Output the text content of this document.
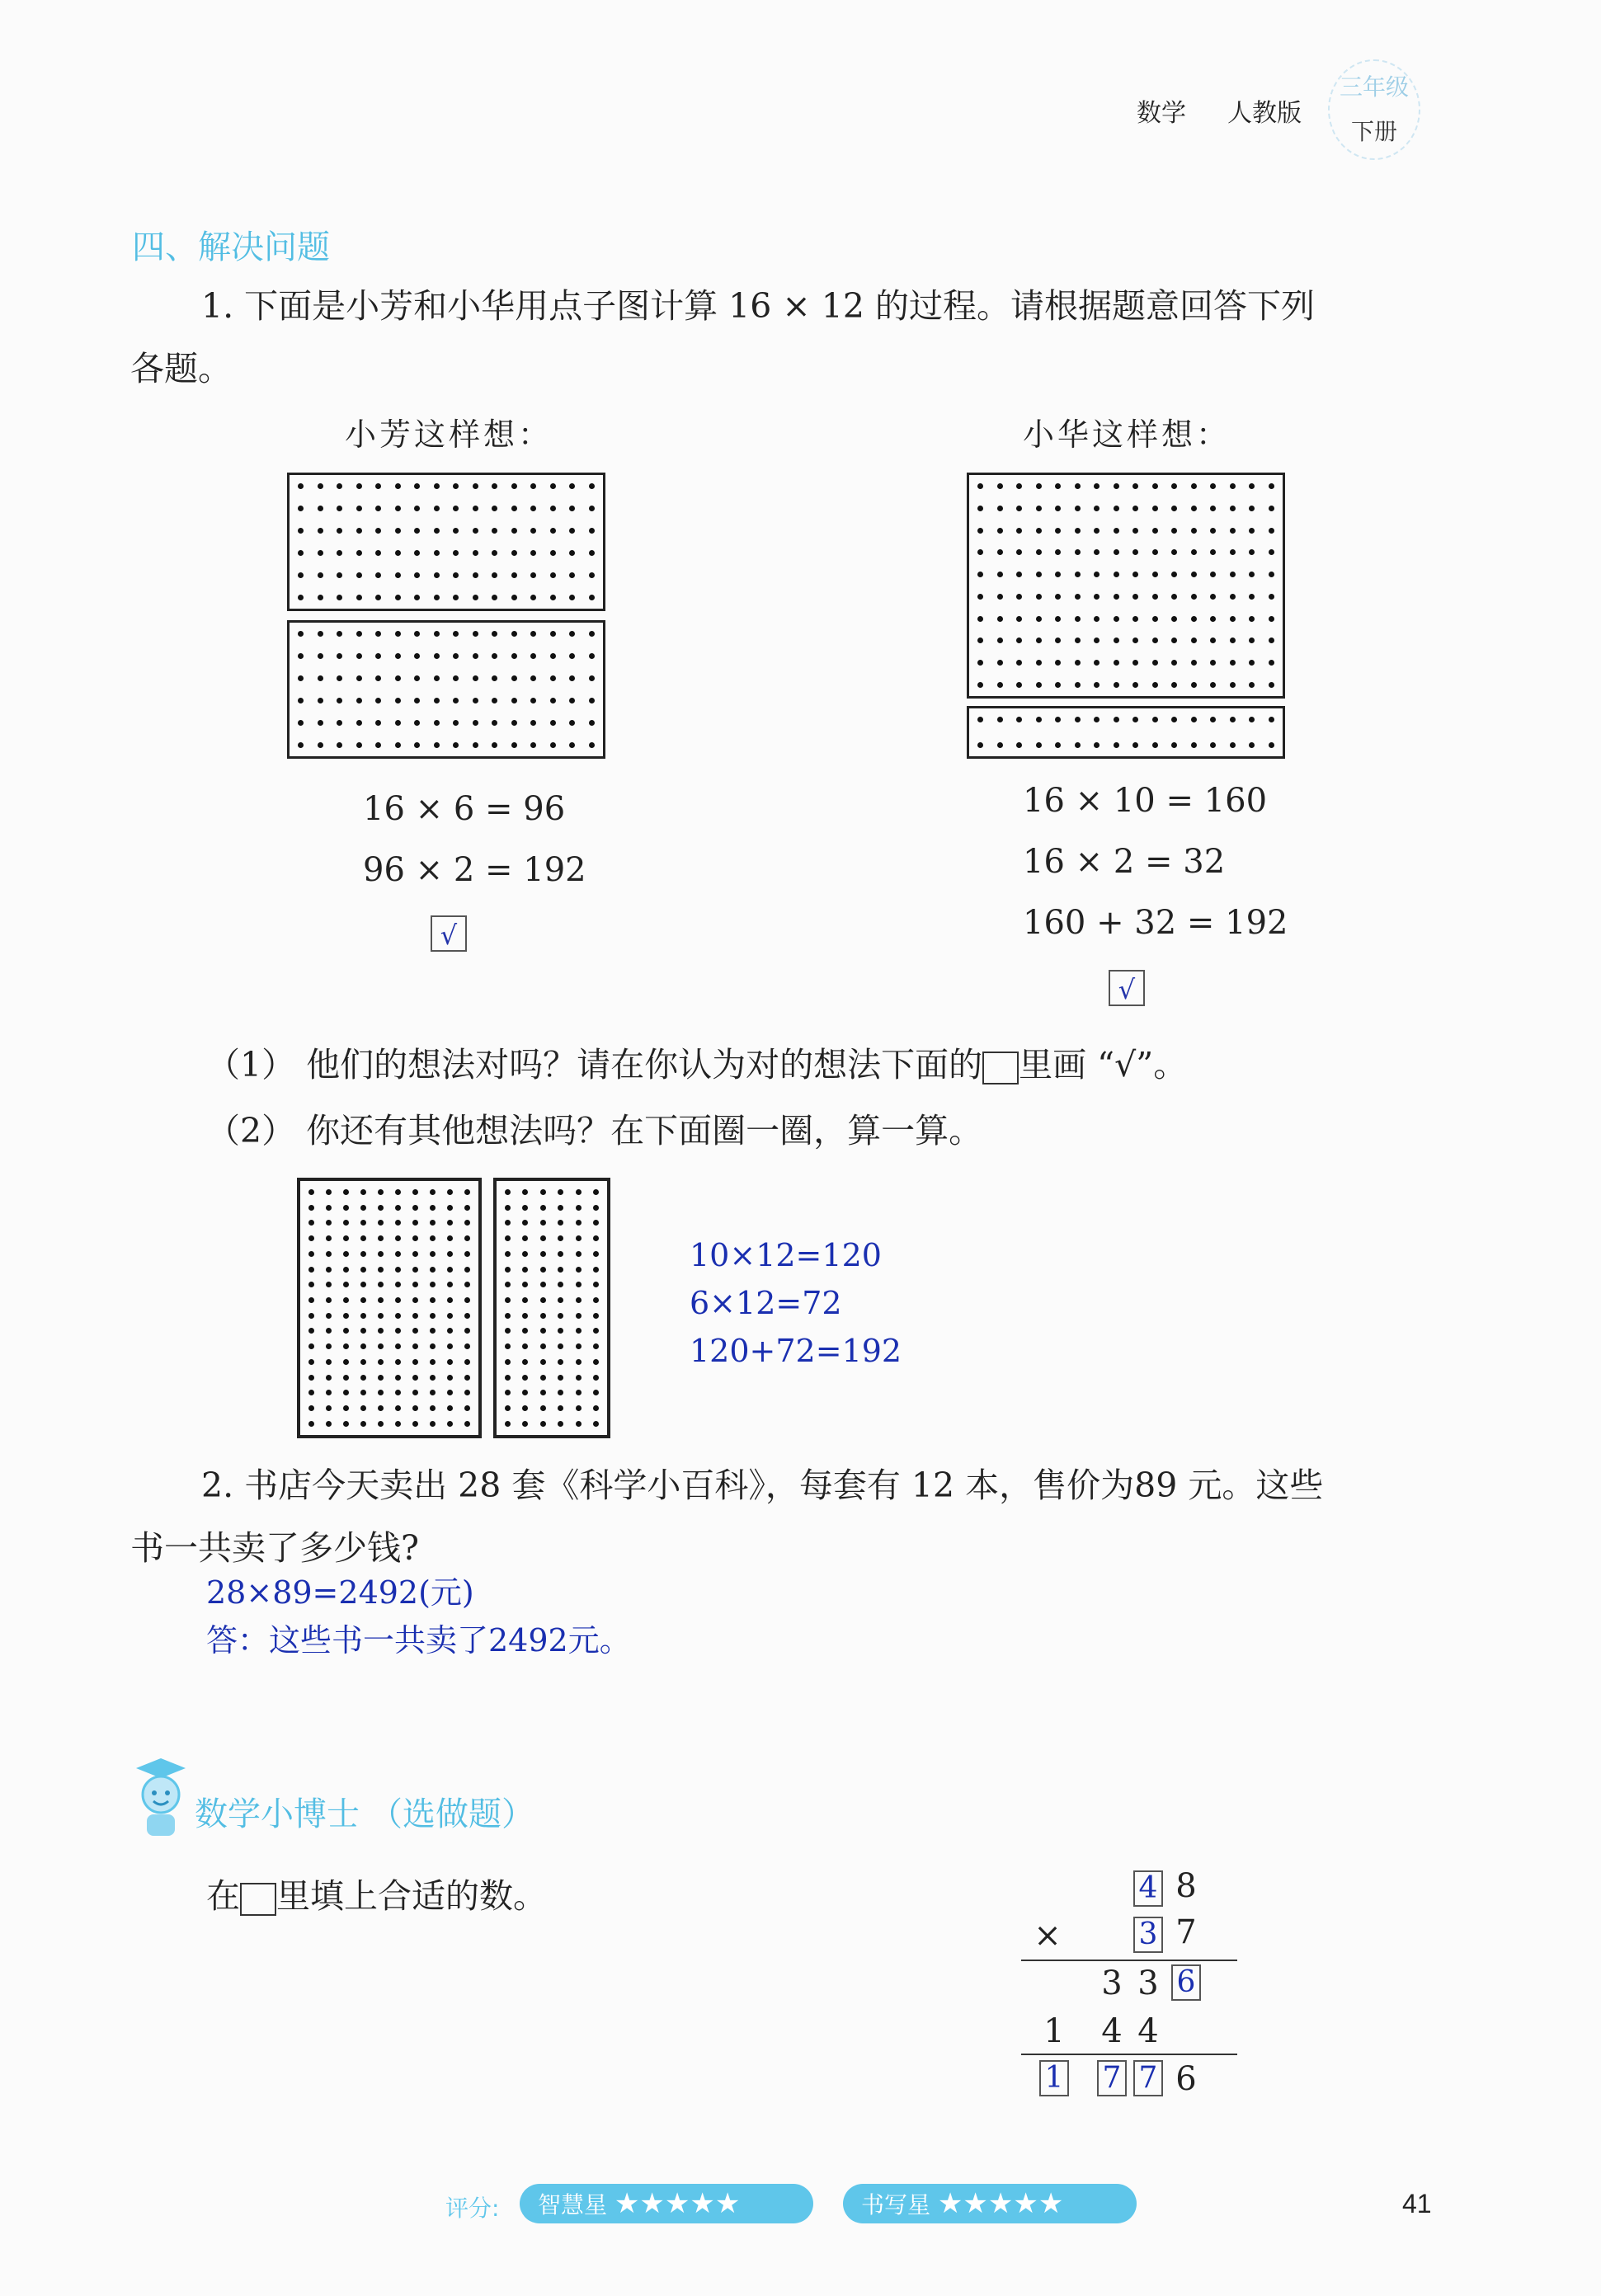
数学 人教版
三年级
下册
四、解决问题
1. 下面是小芳和小华用点子图计算 16 × 12 的过程。请根据题意回答下列
各题。
小芳这样想：
16 × 6 = 96
96 × 2 = 192
√
小华这样想：
16 × 10 = 160
16 × 2 = 32
160 + 32 = 192
√
（1） 他们的想法对吗？请在你认为对的想法下面的 里画 “√”。
（2） 你还有其他想法吗？在下面圈一圈，算一算。
10×12=120
6×12=72
120+72=192
2. 书店今天卖出 28 套《科学小百科》，每套有 12 本，售价为89 元。这些
书一共卖了多少钱?
28×89=2492(元)
答：这些书一共卖了2492元。
数学小博士 （选做题）
在 里填上合适的数。	4 8
×	3 7
3 3 6
1 4 4
1 7 7 6
评分:	智慧星 ★★★★★	书写星 ★★★★★	41
